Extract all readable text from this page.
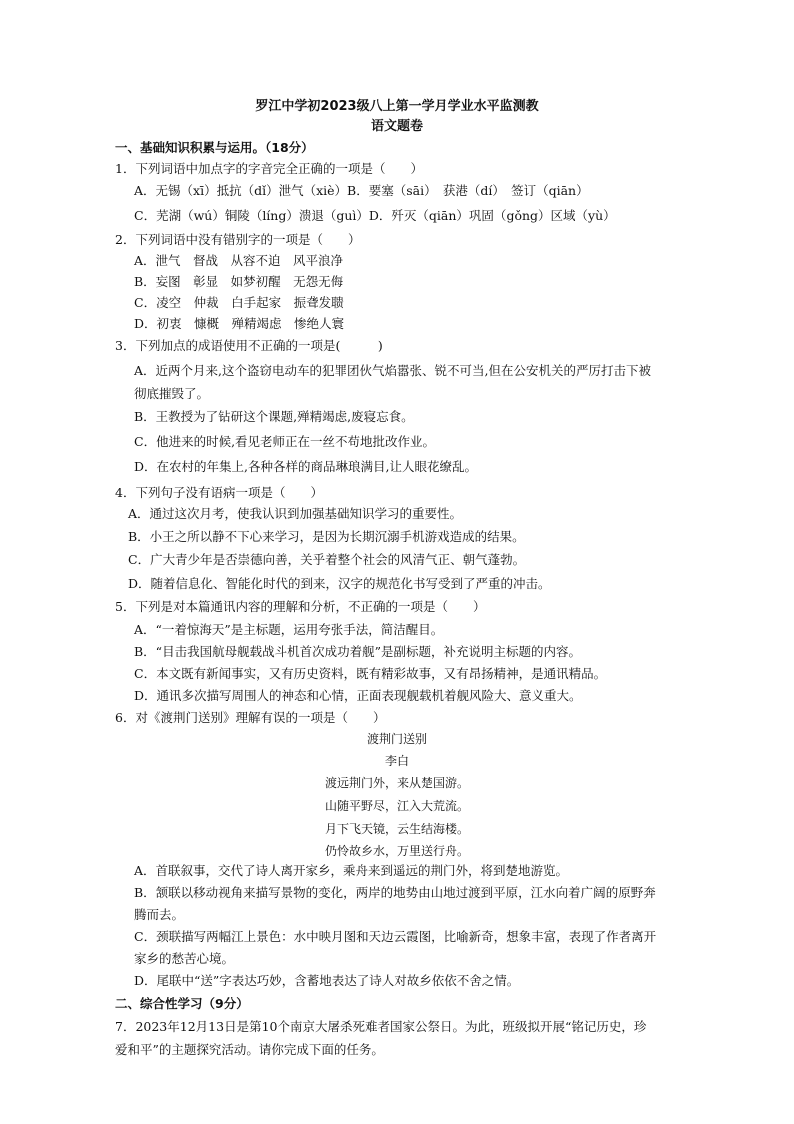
罗江中学初2023级八上第一学月学业水平监测教
语文题卷
一、基础知识积累与运用。（18分）
1．下列词语中加点字的字音完全正确的一项是（　　）
A．无锡（xī）抵抗（dǐ）泄气（xiè）B．要塞（sāi）　获港（dí）　签订（qiān）
C．芜湖（wú）铜陵（líng）溃退（guì）D．歼灭（qiān）巩固（gǒng）区域（yù）
2．下列词语中没有错别字的一项是（　　）
A．泄气　督战　从容不迫　风平浪净
B．妄图　彰显　如梦初醒　无怨无侮
C．凌空　仲裁　白手起家　振聋发聩
D．初衷　慷概　殚精竭虑　惨绝人寰
3．下列加点的成语使用不正确的一项是(　　　)
A．近两个月来,这个盗窃电动车的犯罪团伙气焰嚣张、锐不可当,但在公安机关的严厉打击下被
彻底摧毁了。
B．王教授为了钻研这个课题,殚精竭虑,废寝忘食。
C．他进来的时候,看见老师正在一丝不苟地批改作业。
D．在农村的年集上,各种各样的商品琳琅满目,让人眼花缭乱。
4．下列句子没有语病一项是（　　）
A．通过这次月考，使我认识到加强基础知识学习的重要性。
B．小王之所以静不下心来学习，是因为长期沉溺手机游戏造成的结果。
C．广大青少年是否崇德向善，关乎着整个社会的风清气正、朝气蓬勃。
D．随着信息化、智能化时代的到来，汉字的规范化书写受到了严重的冲击。
5．下列是对本篇通讯内容的理解和分析，不正确的一项是（　　）
A．“一着惊海天”是主标题，运用夸张手法，简洁醒目。
B．“目击我国航母舰载战斗机首次成功着舰”是副标题，补充说明主标题的内容。
C．本文既有新闻事实，又有历史资料，既有精彩故事，又有昂扬精神，是通讯精品。
D．通讯多次描写周围人的神态和心情，正面表现舰载机着舰风险大、意义重大。
6．对《渡荆门送别》理解有误的一项是（　　）
渡荆门送别
李白
渡远荆门外，来从楚国游。
山随平野尽，江入大荒流。
月下飞天镜，云生结海楼。
仍怜故乡水，万里送行舟。
A．首联叙事，交代了诗人离开家乡，乘舟来到遥远的荆门外，将到楚地游览。
B．颔联以移动视角来描写景物的变化，两岸的地势由山地过渡到平原，江水向着广阔的原野奔
腾而去。
C．颈联描写两幅江上景色：水中映月图和天边云霞图，比喻新奇，想象丰富，表现了作者离开
家乡的愁苦心境。
D．尾联中“送”字表达巧妙，含蓄地表达了诗人对故乡依依不舍之情。
二、综合性学习（9分）
7．2023年12月13日是第10个南京大屠杀死难者国家公祭日。为此，班级拟开展“铭记历史，珍
爱和平”的主题探究活动。请你完成下面的任务。
